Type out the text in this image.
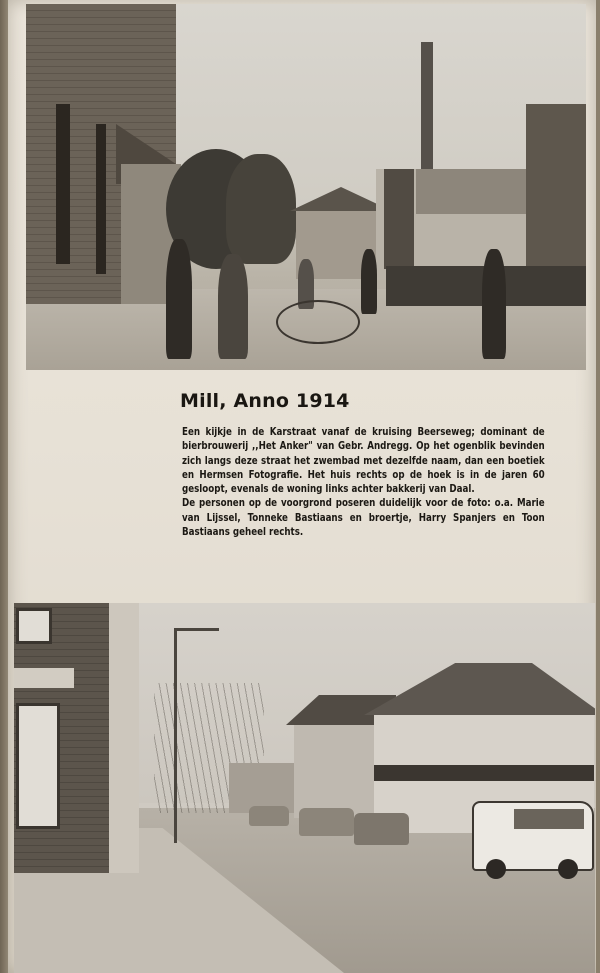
Mill, Anno 1914

Een kijkje in de Karstraat vanaf de kruising Beerseweg; dominant de bierbrouwerij ,,Het Anker" van Gebr. Andregg. Op het ogenblik bevinden zich langs deze straat het zwembad met dezelfde naam, dan een boetiek en Hermsen Fotografie. Het huis rechts op de hoek is in de jaren 60 gesloopt, evenals de woning links achter bakkerij van Daal.

De personen op de voorgrond poseren duidelijk voor de foto: o.a. Marie van Lijssel, Tonneke Bastiaans en broertje, Harry Spanjers en Toon Bastiaans geheel rechts.
